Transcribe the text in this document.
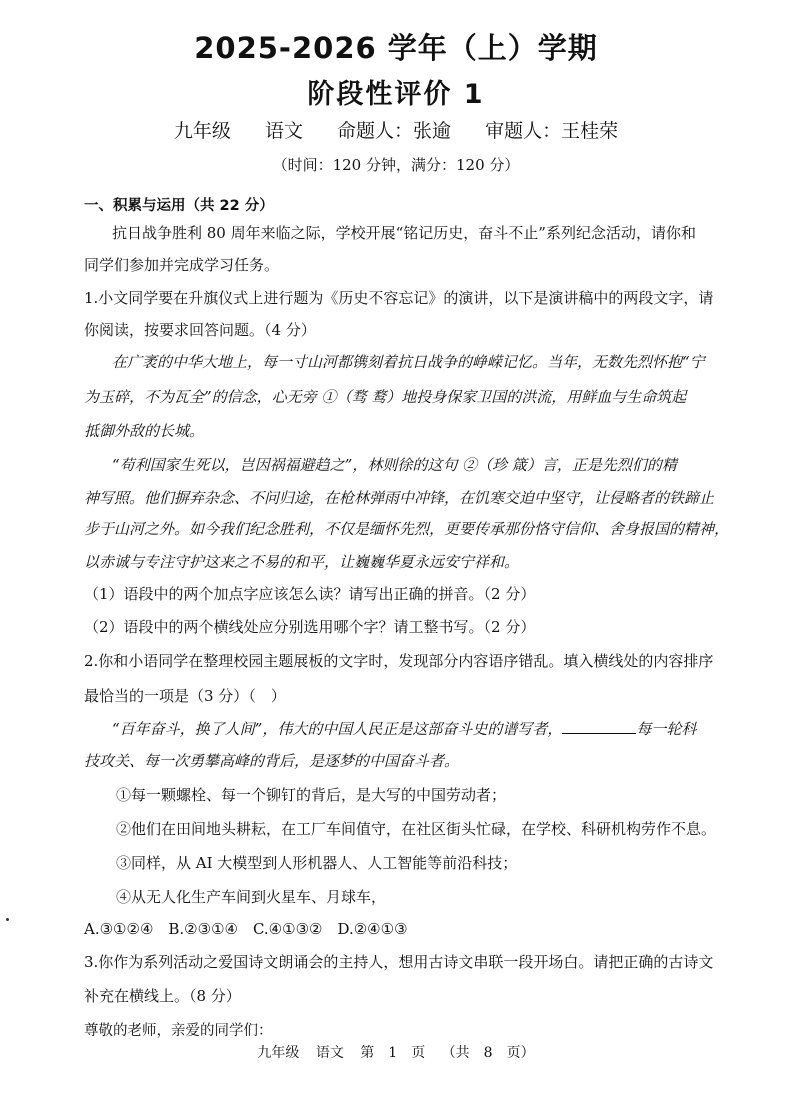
2025-2026 学年（上）学期
阶段性评价 1
九年级 语文 命题人：张逾 审题人：王桂荣
（时间：120 分钟，满分：120 分）
一、积累与运用（共 22 分）
抗日战争胜利 80 周年来临之际，学校开展“铭记历史，奋斗不止”系列纪念活动，请你和
同学们参加并完成学习任务。
1.小文同学要在升旗仪式上进行题为《历史不容忘记》的演讲，以下是演讲稿中的两段文字，请
你阅读，按要求回答问题。（4 分）
在广袤的中华大地上，每一寸山河都镌刻着抗日战争的峥嵘记忆。当年，无数先烈怀抱“宁
为玉碎，不为瓦全”的信念，心无旁 ①（骛 鹜）地投身保家卫国的洪流，用鲜血与生命筑起
抵御外敌的长城。
“苟利国家生死以，岂因祸福避趋之”，林则徐的这句 ②（珍 箴）言，正是先烈们的精
神写照。他们摒弃杂念、不问归途，在枪林弹雨中冲锋，在饥寒交迫中坚守，让侵略者的铁蹄止
步于山河之外。如今我们纪念胜利，不仅是缅怀先烈，更要传承那份恪守信仰、舍身报国的精神，
以赤诚与专注守护这来之不易的和平，让巍巍华夏永远安宁祥和。
（1）语段中的两个加点字应该怎么读？请写出正确的拼音。（2 分）
（2）语段中的两个横线处应分别选用哪个字？请工整书写。（2 分）
2.你和小语同学在整理校园主题展板的文字时，发现部分内容语序错乱。填入横线处的内容排序
最恰当的一项是（3 分）（　）
“百年奋斗，换了人间”，伟大的中国人民正是这部奋斗史的谱写者，	每一轮科
技攻关、每一次勇攀高峰的背后，是逐梦的中国奋斗者。
①每一颗螺栓、每一个铆钉的背后，是大写的中国劳动者；
②他们在田间地头耕耘，在工厂车间值守，在社区街头忙碌，在学校、科研机构劳作不息。
③同样，从 AI 大模型到人形机器人、人工智能等前沿科技；
④从无人化生产车间到火星车、月球车，
A.③①②④　B.②③①④　C.④①③②　D.②④①③
3.你作为系列活动之爱国诗文朗诵会的主持人，想用古诗文串联一段开场白。请把正确的古诗文
补充在横线上。（8 分）
尊敬的老师，亲爱的同学们：
九年级 语文 第　1　页 （共　8　页）
